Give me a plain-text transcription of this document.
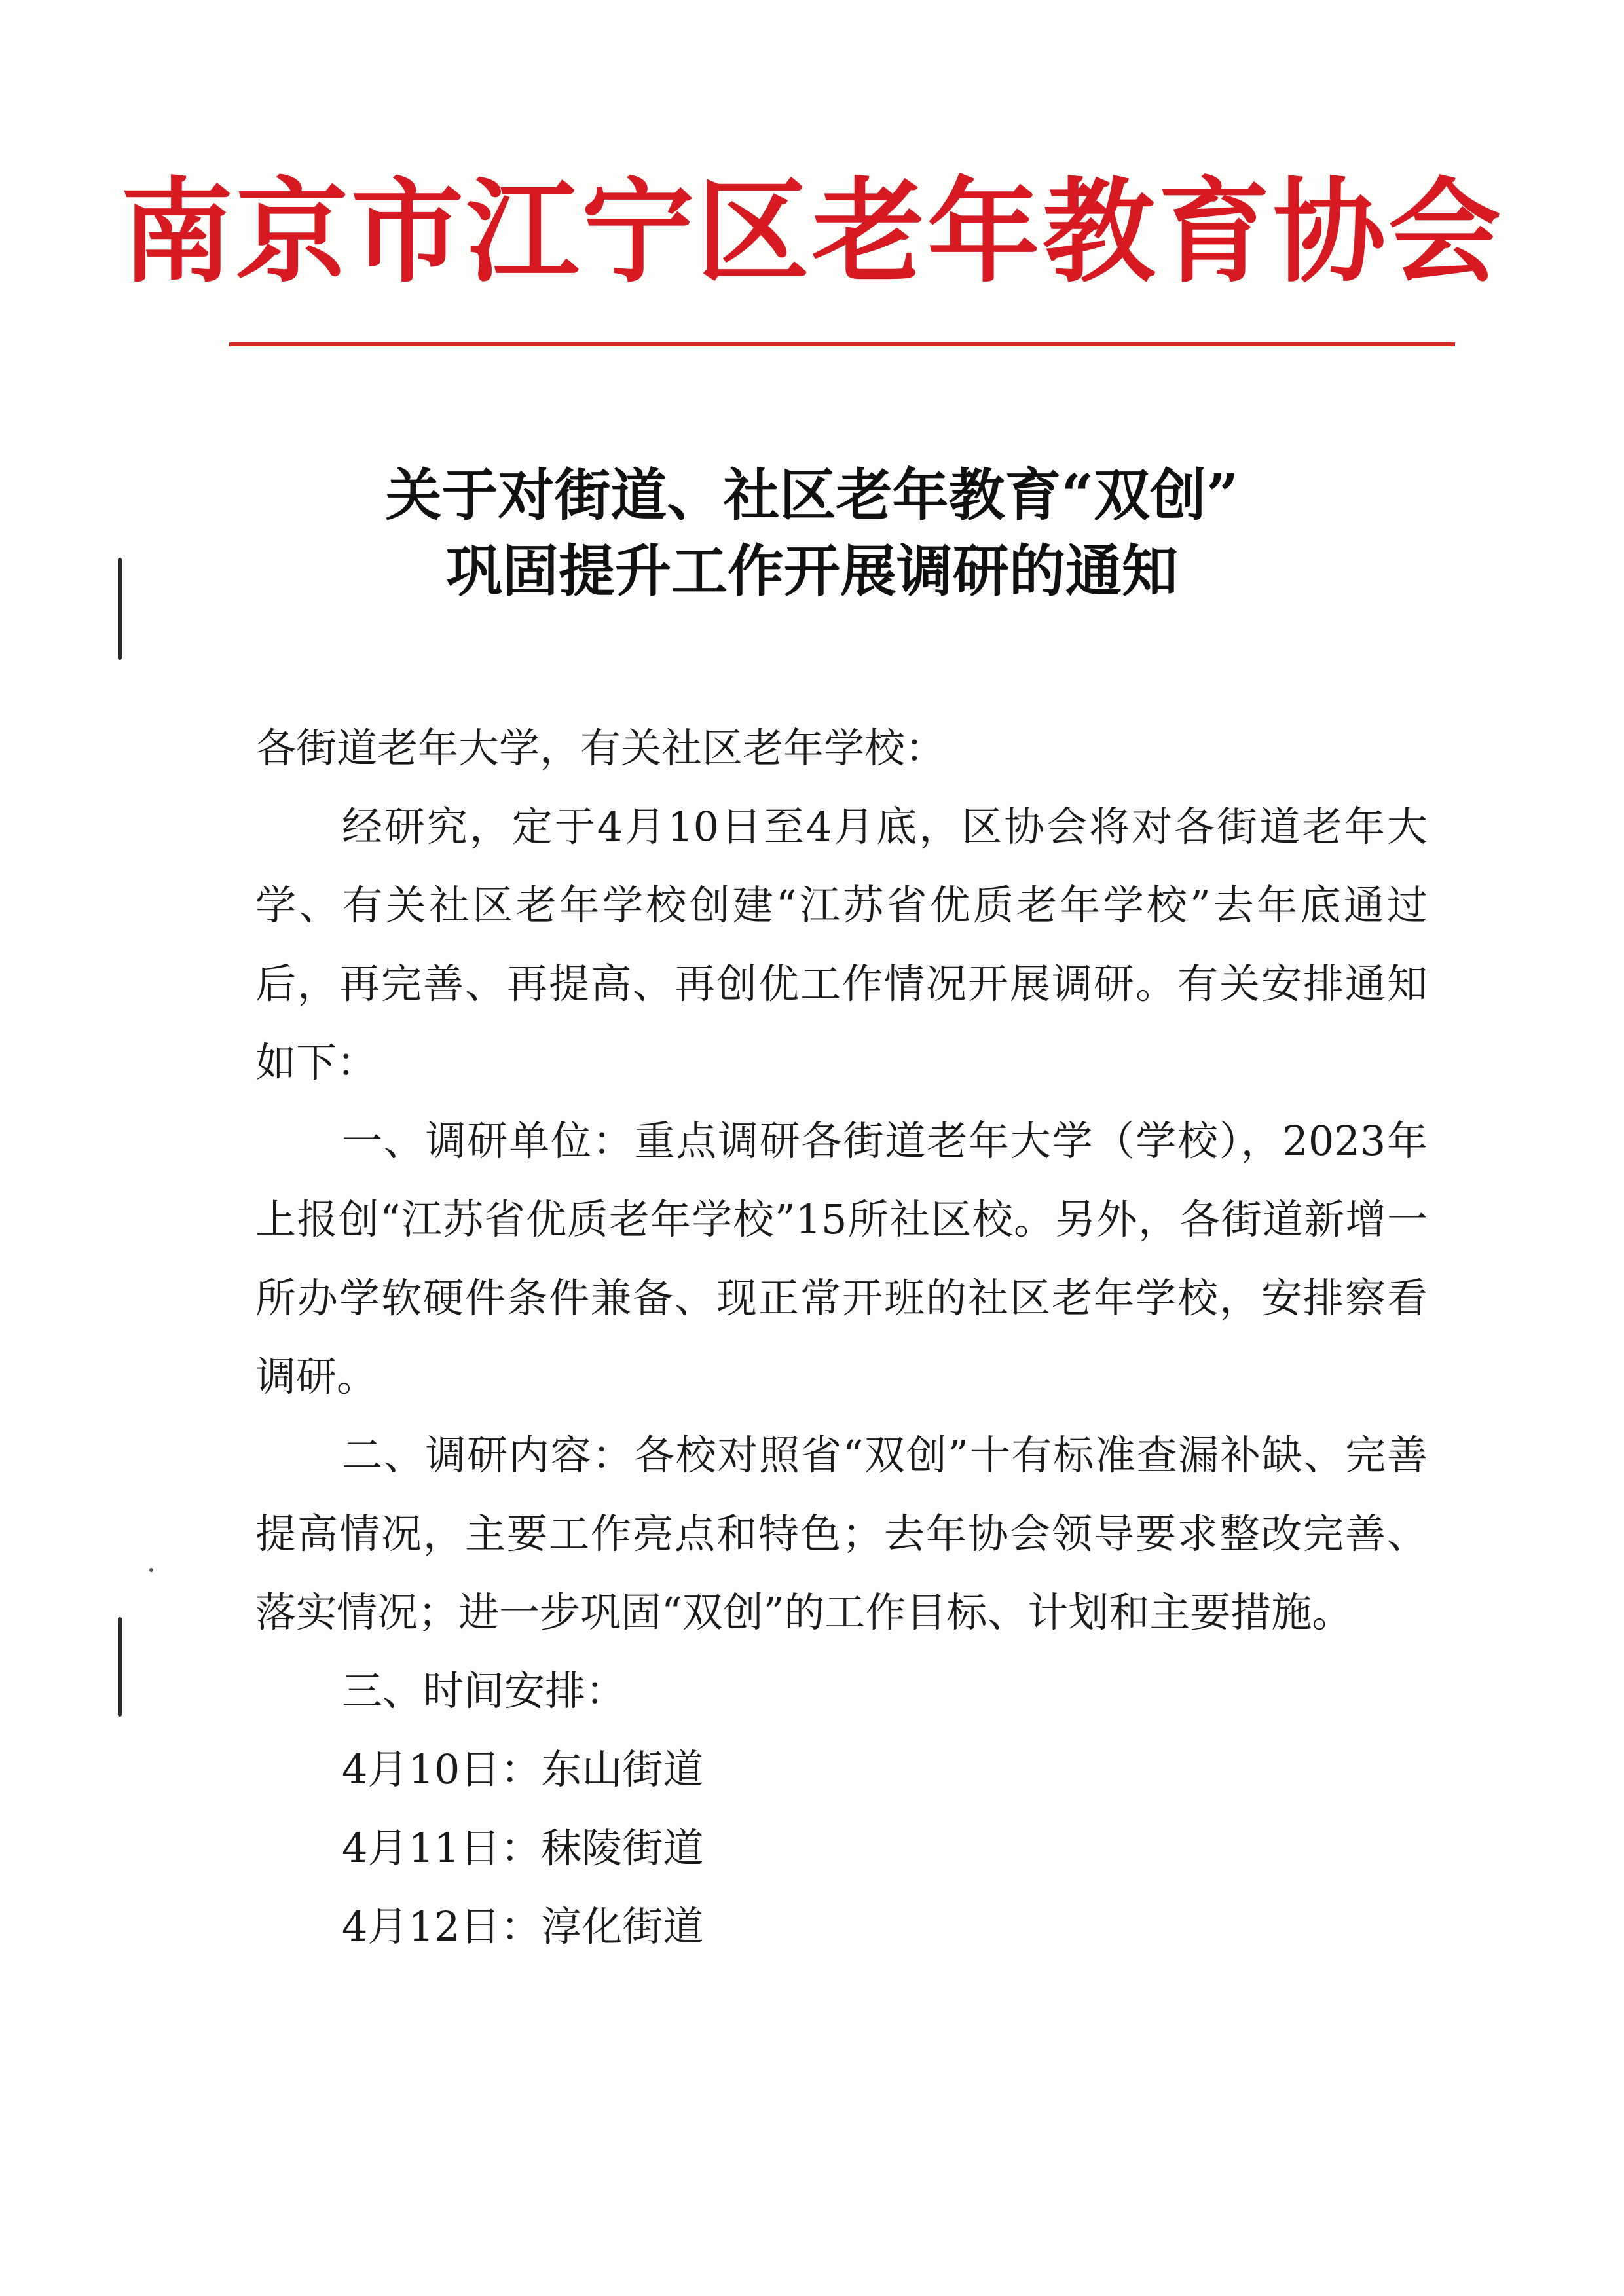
南京市江宁区老年教育协会
关于对街道、社区老年教育“双创”
巩固提升工作开展调研的通知

各街道老年大学，有关社区老年学校：

经研究，定于4月10日至4月底，区协会将对各街道老年大学、有关社区老年学校创建“江苏省优质老年学校”去年底通过后，再完善、再提高、再创优工作情况开展调研。有关安排通知如下：

一、调研单位：重点调研各街道老年大学（学校），2023年上报创“江苏省优质老年学校”15所社区校。另外，各街道新增一所办学软硬件条件兼备、现正常开班的社区老年学校，安排察看调研。

二、调研内容：各校对照省“双创”十有标准查漏补缺、完善提高情况，主要工作亮点和特色；去年协会领导要求整改完善、落实情况；进一步巩固“双创”的工作目标、计划和主要措施。

三、时间安排：

4月10日：东山街道

4月11日：秣陵街道

4月12日：淳化街道
